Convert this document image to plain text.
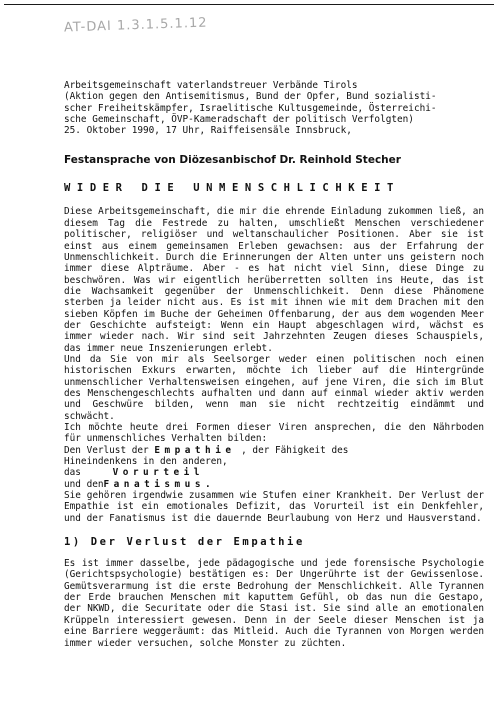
AT-DAI 1.3.1.5.1.12

Arbeitsgemeinschaft vaterlandstreuer Verbände Tirols

(Aktion gegen den Antisemitismus, Bund der Opfer, Bund sozialisti-

scher Freiheitskämpfer, Israelitische Kultusgemeinde, Österreichi-

sche Gemeinschaft, ÖVP-Kameradschaft der politisch Verfolgten)

25. Oktober 1990, 17 Uhr, Raiffeisensäle Innsbruck,

Festansprache von Diözesanbischof Dr. Reinhold Stecher

WIDER DIE UNMENSCHLICHKEIT

Diese Arbeitsgemeinschaft, die mir die ehrende Einladung zukommen ließ, an diesem Tag die Festrede zu halten, umschließt Menschen verschiedener politischer, religiöser und weltanschaulicher Positionen. Aber sie ist einst aus einem gemeinsamen Erleben gewachsen: aus der Erfahrung der Unmenschlichkeit. Durch die Erinnerungen der Alten unter uns geistern noch immer diese Alpträume. Aber - es hat nicht viel Sinn, diese Dinge zu beschwören. Was wir eigentlich herüberretten sollten ins Heute, das ist die Wachsamkeit gegenüber der Unmenschlichkeit. Denn diese Phänomene sterben ja leider nicht aus. Es ist mit ihnen wie mit dem Drachen mit den sieben Köpfen im Buche der Geheimen Offenbarung, der aus dem wogenden Meer der Geschichte aufsteigt: Wenn ein Haupt abgeschlagen wird, wächst es immer wieder nach. Wir sind seit Jahrzehnten Zeugen dieses Schauspiels, das immer neue Inszenierungen erlebt.

Und da Sie von mir als Seelsorger weder einen politischen noch einen historischen Exkurs erwarten, möchte ich lieber auf die Hintergründe unmenschlicher Verhaltensweisen eingehen, auf jene Viren, die sich im Blut des Menschengeschlechts aufhalten und dann auf einmal wieder aktiv werden und Geschwüre bilden, wenn man sie nicht rechtzeitig eindämmt und schwächt.

Ich möchte heute drei Formen dieser Viren ansprechen, die den Nährboden für unmenschliches Verhalten bilden:

Den Verlust der Empathie , der Fähigkeit des

Hineindenkens in den anderen,

das	Vorurteil

und denFanatismus.

Sie gehören irgendwie zusammen wie Stufen einer Krankheit. Der Verlust der Empathie ist ein emotionales Defizit, das Vorurteil ist ein Denkfehler, und der Fanatismus ist die dauernde Beurlaubung von Herz und Hausverstand.

1) Der Verlust der Empathie

Es ist immer dasselbe, jede pädagogische und jede forensische Psychologie (Gerichtspsychologie) bestätigen es: Der Ungerührte ist der Gewissenlose. Gemütsverarmung ist die erste Bedrohung der Menschlichkeit. Alle Tyrannen der Erde brauchen Menschen mit kaputtem Gefühl, ob das nun die Gestapo, der NKWD, die Securitate oder die Stasi ist. Sie sind alle an emotionalen Krüppeln interessiert gewesen. Denn in der Seele dieser Menschen ist ja eine Barriere weggeräumt: das Mitleid. Auch die Tyrannen von Morgen werden immer wieder versuchen, solche Monster zu züchten.
